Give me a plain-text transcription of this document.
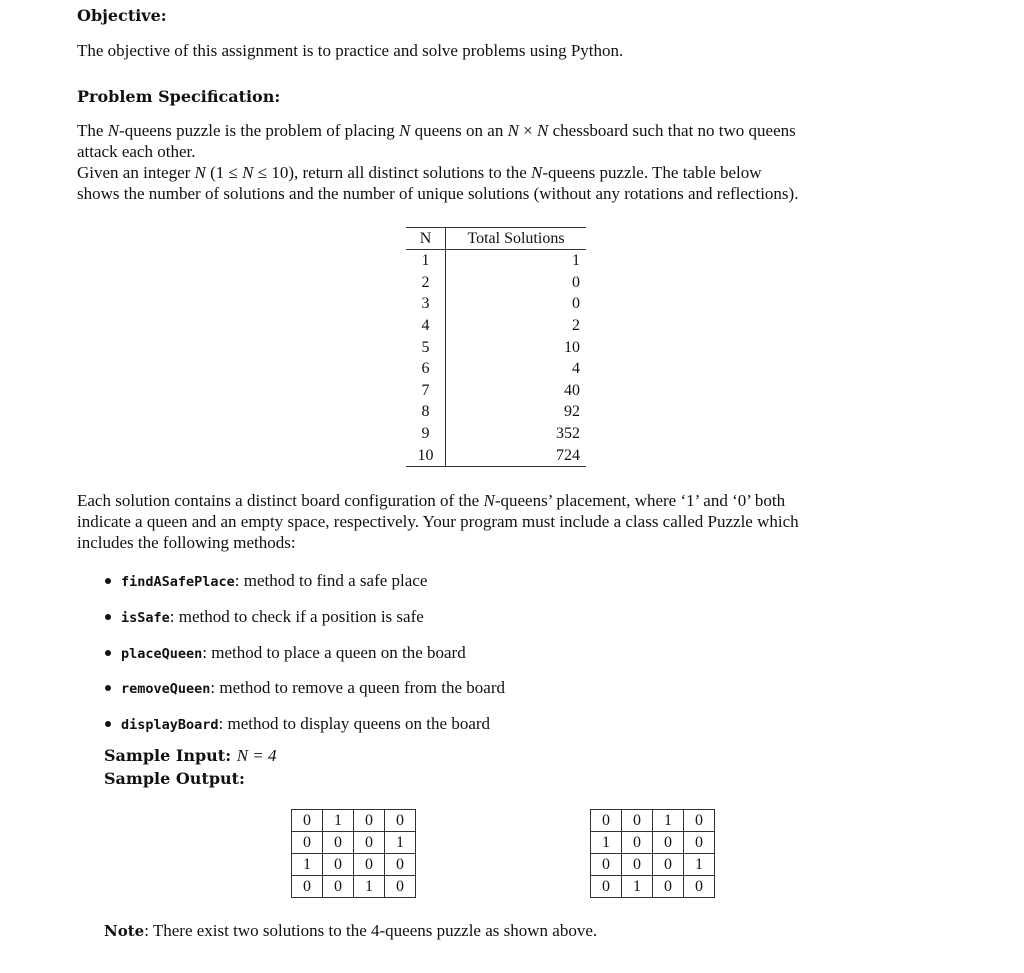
Objective:
The objective of this assignment is to practice and solve problems using Python.
Problem Specification:
The N-queens puzzle is the problem of placing N queens on an N × N chessboard such that no two queens
attack each other.
Given an integer N (1 ≤ N ≤ 10), return all distinct solutions to the N-queens puzzle. The table below
shows the number of solutions and the number of unique solutions (without any rotations and reflections).
N	Total Solutions
1	1
2	0
3	0
4	2
5	10
6	4
7	40
8	92
9	352
10	724
Each solution contains a distinct board configuration of the N-queens’ placement, where ‘1’ and ‘0’ both
indicate a queen and an empty space, respectively. Your program must include a class called Puzzle which
includes the following methods:
findASafePlace: method to find a safe place
isSafe: method to check if a position is safe
placeQueen: method to place a queen on the board
removeQueen: method to remove a queen from the board
displayBoard: method to display queens on the board
Sample Input: N = 4
Sample Output:
0	1	0	0
0	0	0	1
1	0	0	0
0	0	1	0
0	0	1	0
1	0	0	0
0	0	0	1
0	1	0	0
Note: There exist two solutions to the 4-queens puzzle as shown above.
